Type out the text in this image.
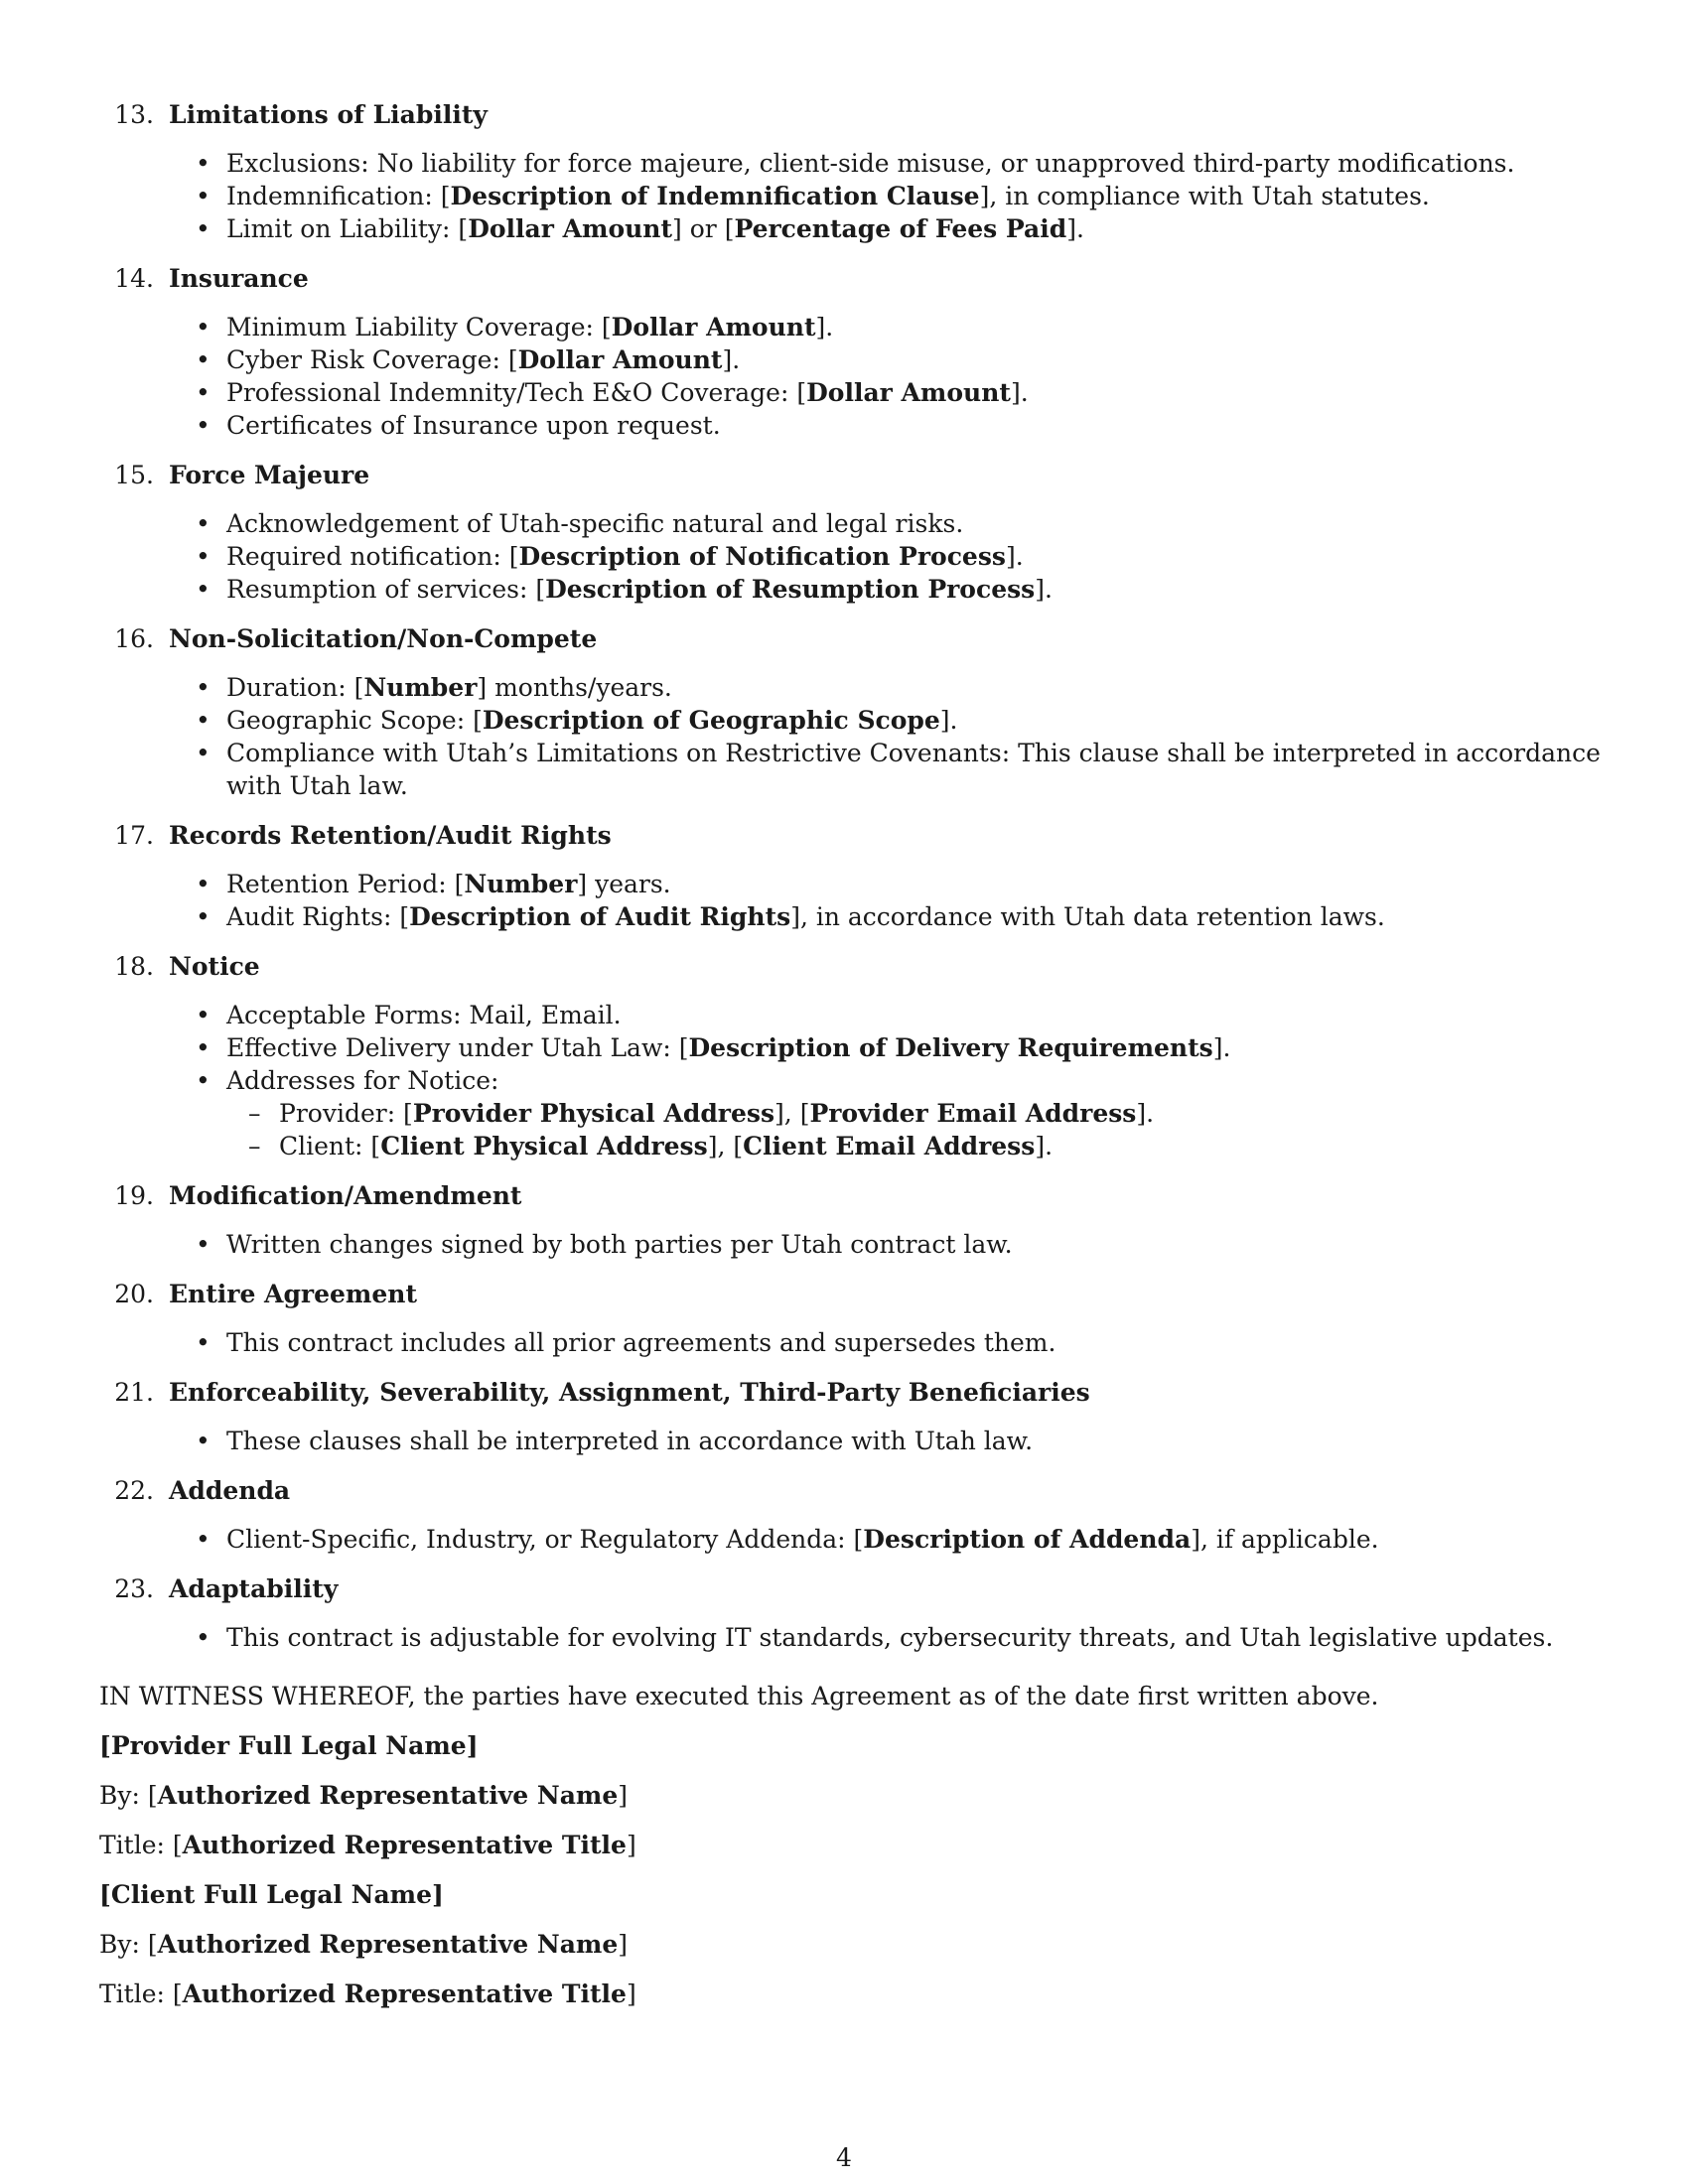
13. Limitations of Liability
• Exclusions: No liability for force majeure, client-side misuse, or unapproved third-party modifications.
• Indemnification: [Description of Indemnification Clause], in compliance with Utah statutes.
• Limit on Liability: [Dollar Amount] or [Percentage of Fees Paid].
14. Insurance
• Minimum Liability Coverage: [Dollar Amount].
• Cyber Risk Coverage: [Dollar Amount].
• Professional Indemnity/Tech E&O Coverage: [Dollar Amount].
• Certificates of Insurance upon request.
15. Force Majeure
• Acknowledgement of Utah-specific natural and legal risks.
• Required notification: [Description of Notification Process].
• Resumption of services: [Description of Resumption Process].
16. Non-Solicitation/Non-Compete
• Duration: [Number] months/years.
• Geographic Scope: [Description of Geographic Scope].
• Compliance with Utah’s Limitations on Restrictive Covenants: This clause shall be interpreted in accordance with Utah law.
17. Records Retention/Audit Rights
• Retention Period: [Number] years.
• Audit Rights: [Description of Audit Rights], in accordance with Utah data retention laws.
18. Notice
• Acceptable Forms: Mail, Email.
• Effective Delivery under Utah Law: [Description of Delivery Requirements].
• Addresses for Notice:
– Provider: [Provider Physical Address], [Provider Email Address].
– Client: [Client Physical Address], [Client Email Address].
19. Modification/Amendment
• Written changes signed by both parties per Utah contract law.
20. Entire Agreement
• This contract includes all prior agreements and supersedes them.
21. Enforceability, Severability, Assignment, Third-Party Beneficiaries
• These clauses shall be interpreted in accordance with Utah law.
22. Addenda
• Client-Specific, Industry, or Regulatory Addenda: [Description of Addenda], if applicable.
23. Adaptability
• This contract is adjustable for evolving IT standards, cybersecurity threats, and Utah legislative updates.

IN WITNESS WHEREOF, the parties have executed this Agreement as of the date first written above.

[Provider Full Legal Name]

By: [Authorized Representative Name]

Title: [Authorized Representative Title]

[Client Full Legal Name]

By: [Authorized Representative Name]

Title: [Authorized Representative Title]

4
